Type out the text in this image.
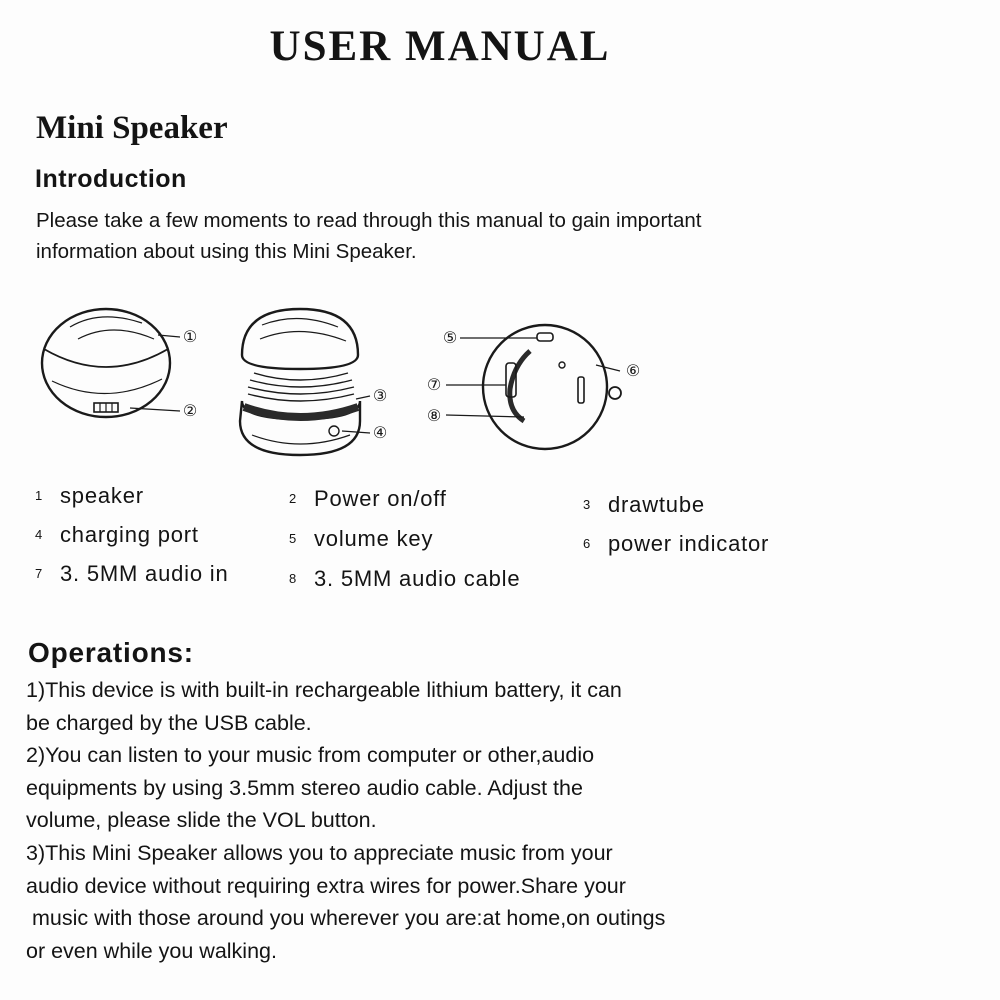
USER MANUAL
Mini Speaker
Introduction
Please take a few moments to read through this manual to gain important
information about using this Mini Speaker.
①
②
③
④
⑤
⑥
⑦
⑧
1 speaker	2 Power on/off	3 drawtube
4 charging port	5 volume key	6 power indicator
7 3. 5MM audio in	8 3. 5MM audio cable
Operations:
1)This device is with built-in rechargeable lithium battery, it can
be charged by the USB cable.
2)You can listen to your music from computer or other,audio
equipments by using 3.5mm stereo audio cable. Adjust the
volume, please slide the VOL button.
3)This Mini Speaker allows you to appreciate music from your
audio device without requiring extra wires for power.Share your
music with those around you wherever you are:at home,on outings
or even while you walking.
